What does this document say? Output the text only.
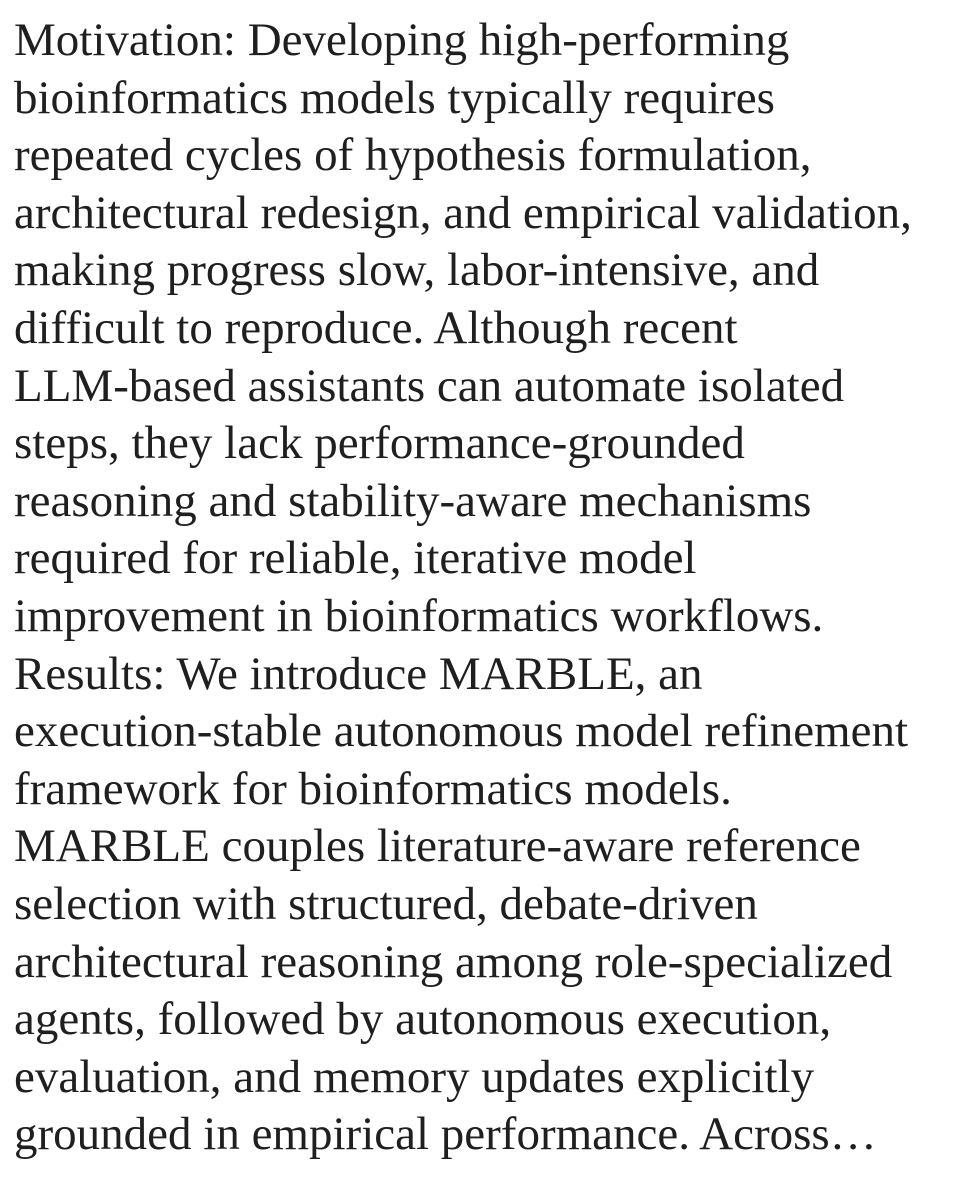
Motivation: Developing high-performing
bioinformatics models typically requires
repeated cycles of hypothesis formulation,
architectural redesign, and empirical validation,
making progress slow, labor-intensive, and
difficult to reproduce. Although recent
LLM-based assistants can automate isolated
steps, they lack performance-grounded
reasoning and stability-aware mechanisms
required for reliable, iterative model
improvement in bioinformatics workflows.
Results: We introduce MARBLE, an
execution-stable autonomous model refinement
framework for bioinformatics models.
MARBLE couples literature-aware reference
selection with structured, debate-driven
architectural reasoning among role-specialized
agents, followed by autonomous execution,
evaluation, and memory updates explicitly
grounded in empirical performance. Across…
